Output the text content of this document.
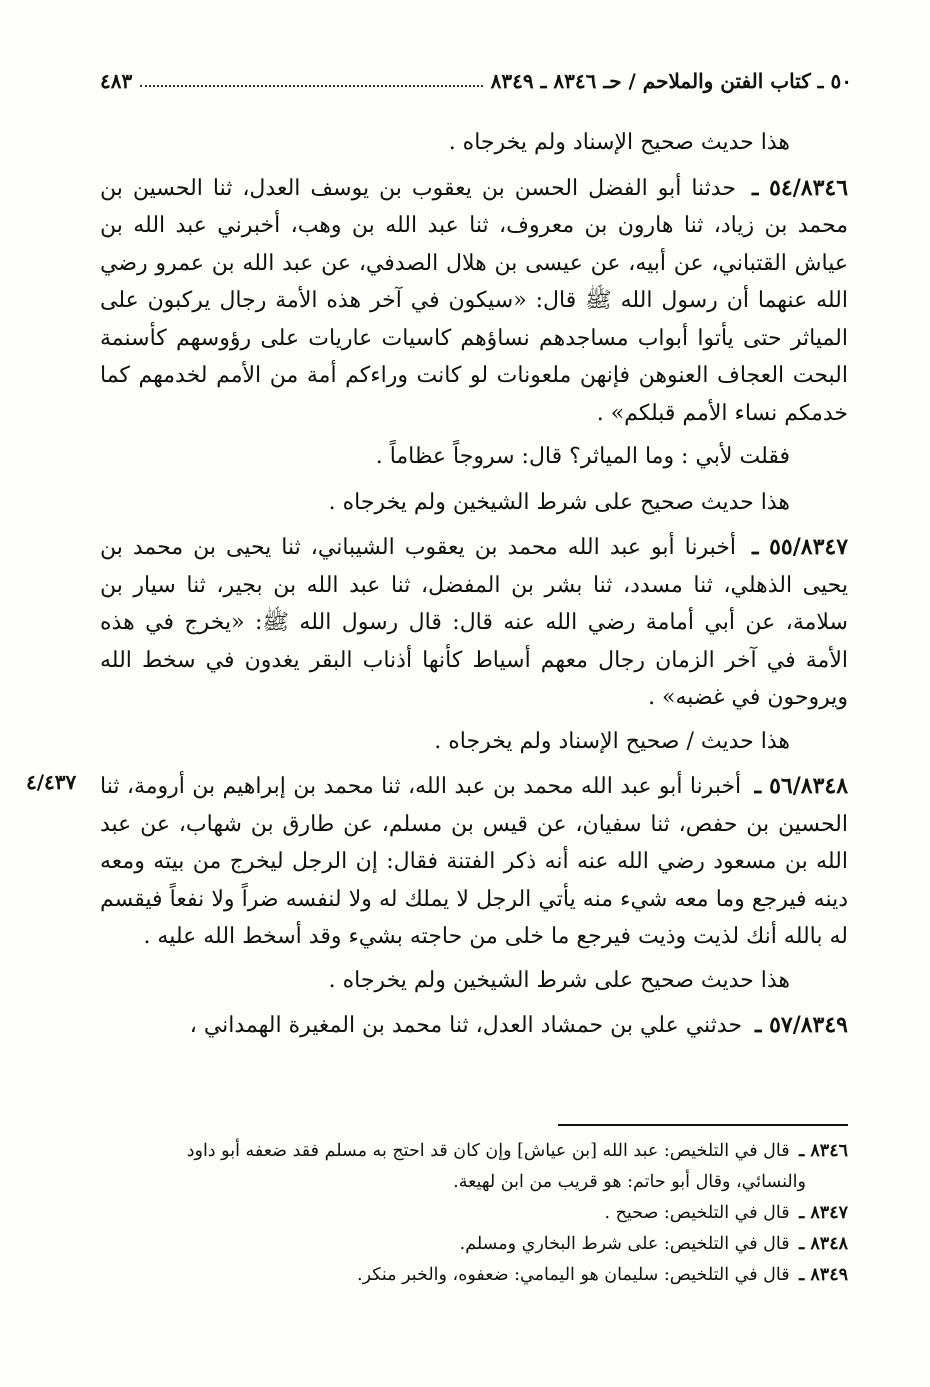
٤٨٣	٥٠ ـ كتاب الفتن والملاحم / حـ ٨٣٤٦ ـ ٨٣٤٩
٤/٤٣٧

هذا حديث صحيح الإسناد ولم يخرجاه .

٥٤/٨٣٤٦ ـ حدثنا أبو الفضل الحسن بن يعقوب بن يوسف العدل، ثنا الحسين بن محمد بن زياد، ثنا هارون بن معروف، ثنا عبد الله بن وهب، أخبرني عبد الله بن عياش القتباني، عن أبيه، عن عيسى بن هلال الصدفي، عن عبد الله بن عمرو رضي الله عنهما أن رسول الله ﷺ قال: «سيكون في آخر هذه الأمة رجال يركبون على المياثر حتى يأتوا أبواب مساجدهم نساؤهم كاسيات عاريات على رؤوسهم كأسنمة البحت العجاف العنوهن فإنهن ملعونات لو كانت وراءكم أمة من الأمم لخدمهم كما خدمكم نساء الأمم قبلكم» .

فقلت لأبي : وما المياثر؟ قال: سروجاً عظاماً .

هذا حديث صحيح على شرط الشيخين ولم يخرجاه .

٥٥/٨٣٤٧ ـ أخبرنا أبو عبد الله محمد بن يعقوب الشيباني، ثنا يحيى بن محمد بن يحيى الذهلي، ثنا مسدد، ثنا بشر بن المفضل، ثنا عبد الله بن بجير، ثنا سيار بن سلامة، عن أبي أمامة رضي الله عنه قال: قال رسول الله ﷺ: «يخرج في هذه الأمة في آخر الزمان رجال معهم أسياط كأنها أذناب البقر يغدون في سخط الله ويروحون في غضبه» .

هذا حديث / صحيح الإسناد ولم يخرجاه .

٥٦/٨٣٤٨ ـ أخبرنا أبو عبد الله محمد بن عبد الله، ثنا محمد بن إبراهيم بن أرومة، ثنا الحسين بن حفص، ثنا سفيان، عن قيس بن مسلم، عن طارق بن شهاب، عن عبد الله بن مسعود رضي الله عنه أنه ذكر الفتنة فقال: إن الرجل ليخرج من بيته ومعه دينه فيرجع وما معه شيء منه يأتي الرجل لا يملك له ولا لنفسه ضراً ولا نفعاً فيقسم له بالله أنك لذيت وذيت فيرجع ما خلى من حاجته بشيء وقد أسخط الله عليه .

هذا حديث صحيح على شرط الشيخين ولم يخرجاه .

٥٧/٨٣٤٩ ـ حدثني علي بن حمشاد العدل، ثنا محمد بن المغيرة الهمداني ،

٨٣٤٦ ـ قال في التلخيص: عبد الله [بن عياش] وإن كان قد احتج به مسلم فقد ضعفه أبو داود

والنسائي، وقال أبو حاتم: هو قريب من ابن لهيعة.

٨٣٤٧ ـ قال في التلخيص: صحيح .

٨٣٤٨ ـ قال في التلخيص: على شرط البخاري ومسلم.

٨٣٤٩ ـ قال في التلخيص: سليمان هو اليمامي: ضعفوه، والخبر منكر.
